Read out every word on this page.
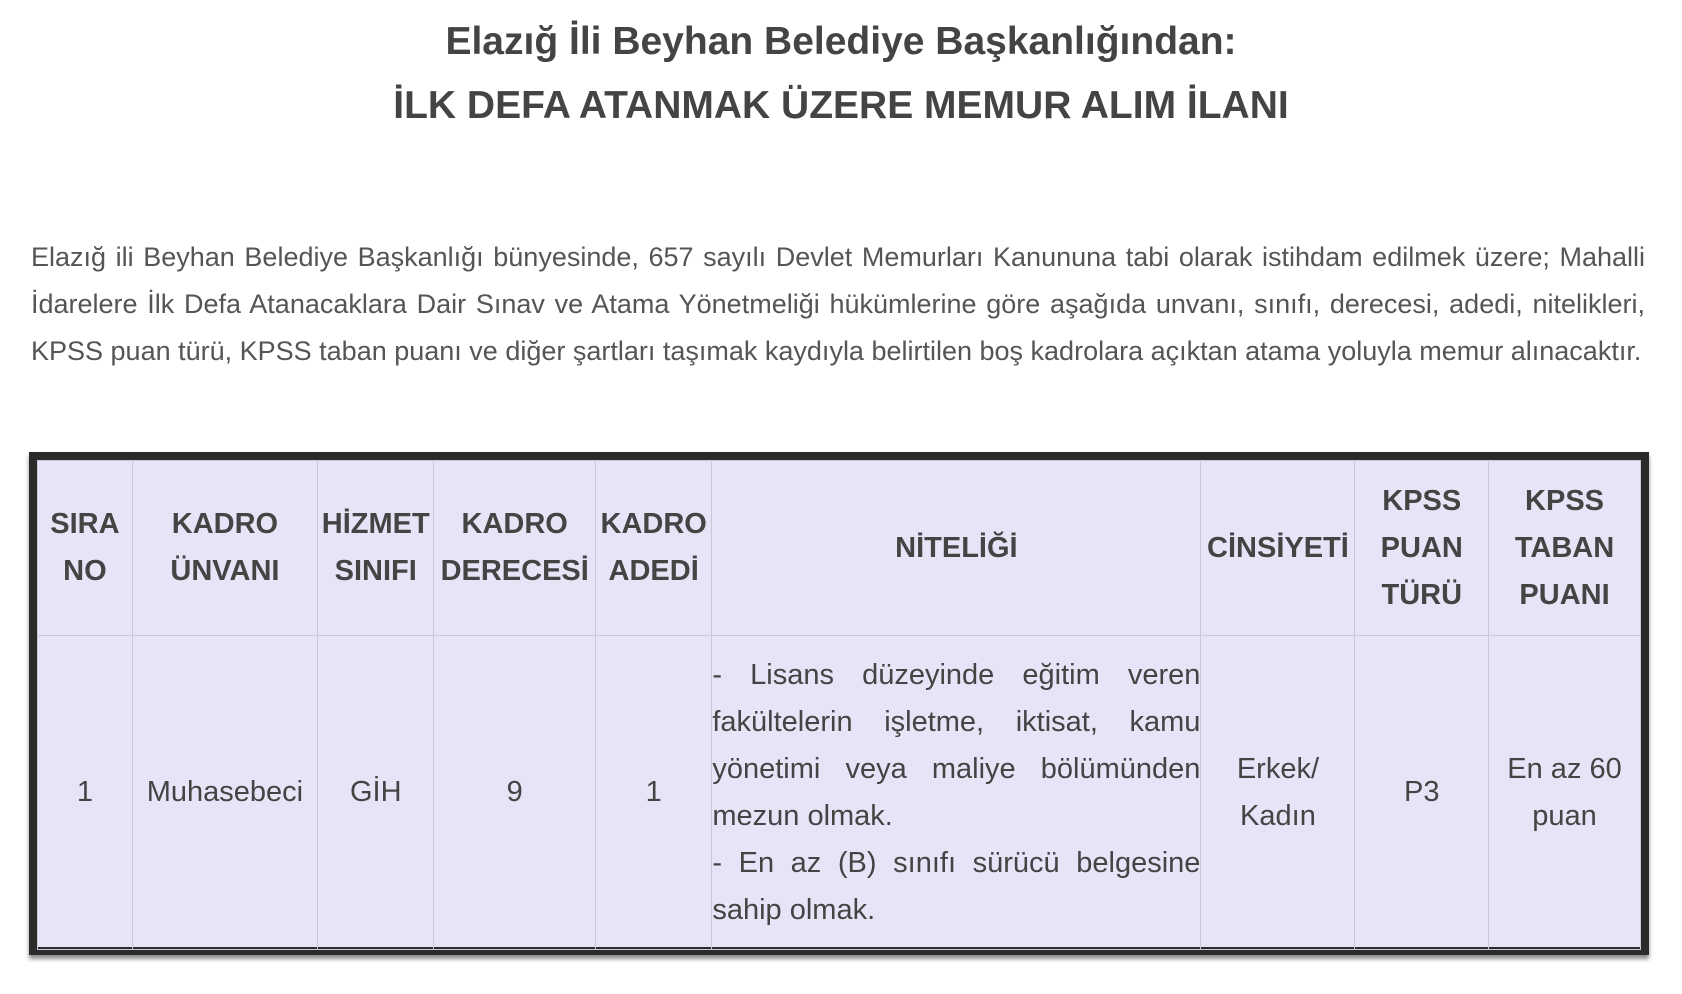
Elazığ İli Beyhan Belediye Başkanlığından:
İLK DEFA ATANMAK ÜZERE MEMUR ALIM İLANI

Elazığ ili Beyhan Belediye Başkanlığı bünyesinde, 657 sayılı Devlet Memurları Kanununa tabi olarak istihdam edilmek üzere; Mahalli İdarelere İlk Defa Atanacaklara Dair Sınav ve Atama Yönetmeliği hükümlerine göre aşağıda unvanı, sınıfı, derecesi, adedi, nitelikleri, KPSS puan türü, KPSS taban puanı ve diğer şartları taşımak kaydıyla belirtilen boş kadrolara açıktan atama yoluyla memur alınacaktır.

SIRA NO	KADRO ÜNVANI	HİZMET SINIFI	KADRO DERECESİ	KADRO ADEDİ	NİTELİĞİ	CİNSİYETİ	KPSS PUAN TÜRÜ	KPSS TABAN PUANI
1	Muhasebeci	GİH	9	1	- Lisans düzeyinde eğitim veren fakültelerin işletme, iktisat, kamu yönetimi veya maliye bölümünden mezun olmak.
- En az (B) sınıfı sürücü belgesine sahip olmak.	Erkek/ Kadın	P3	En az 60 puan
